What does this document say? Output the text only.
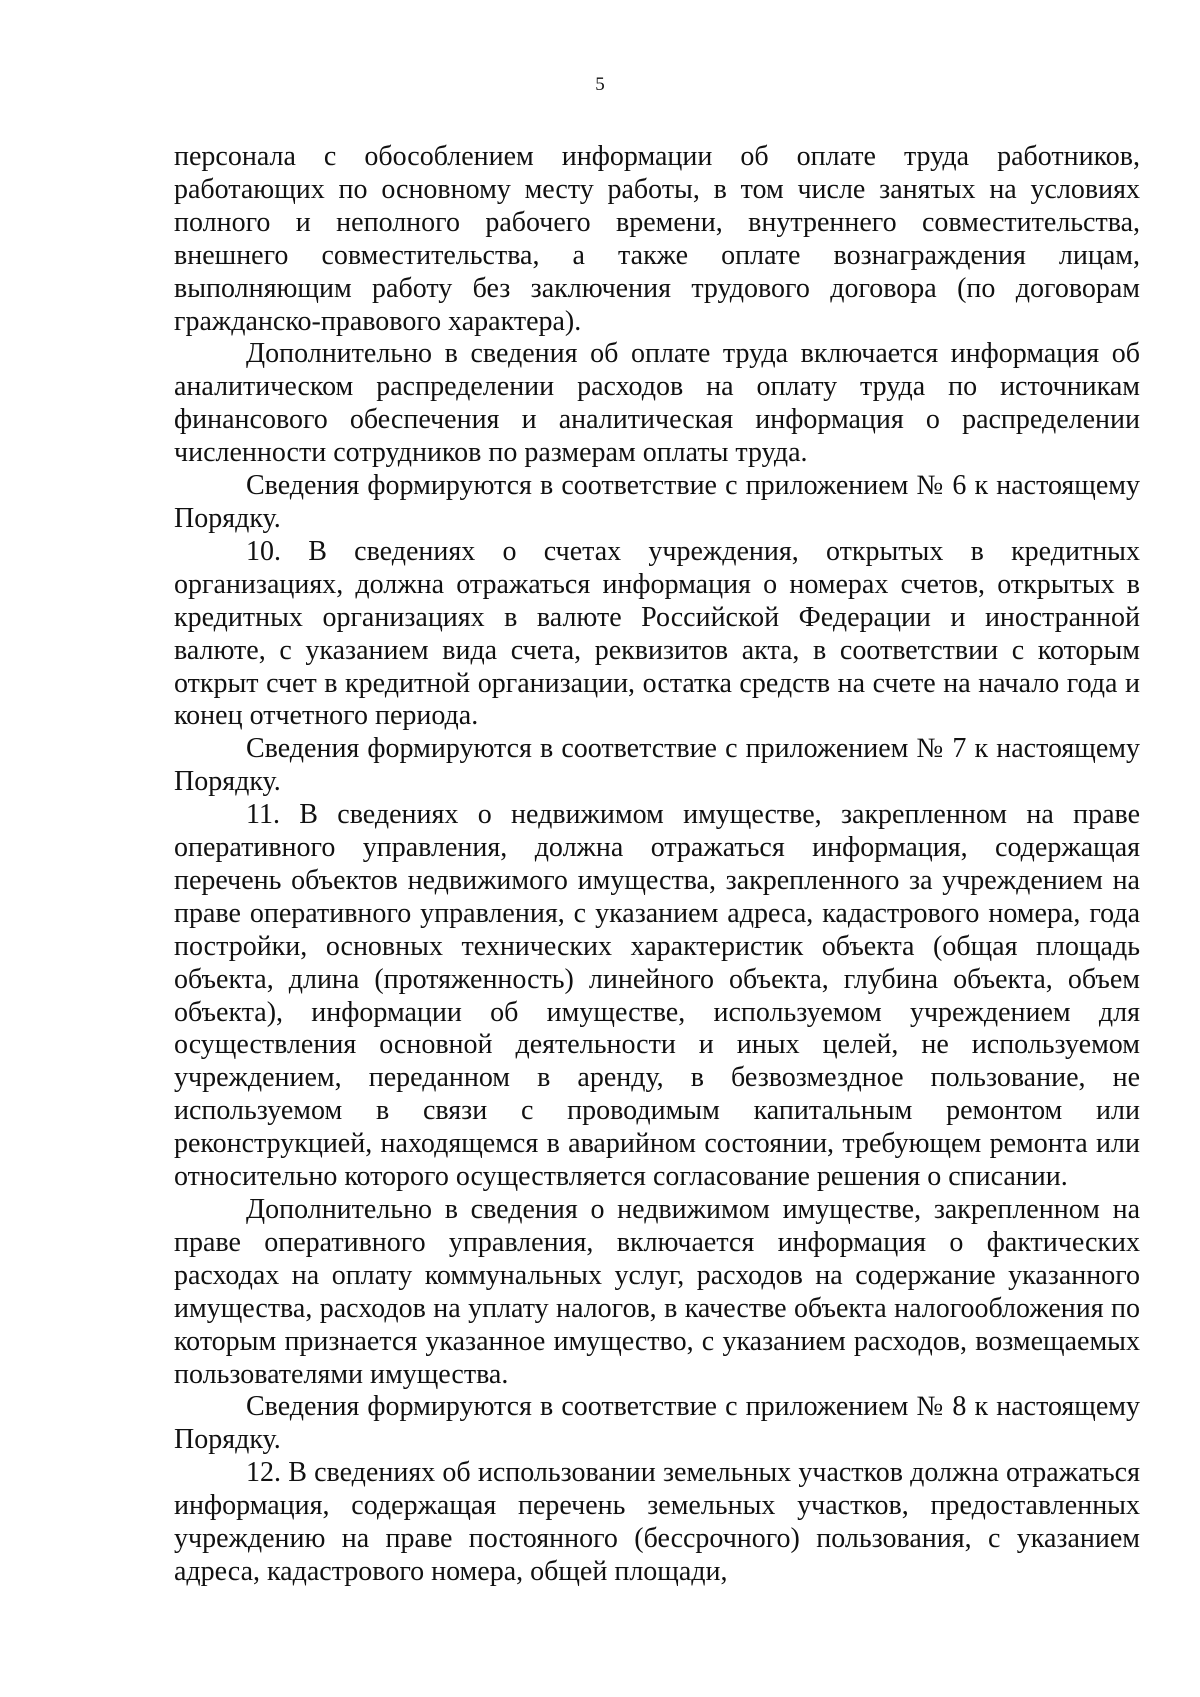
5

персонала с обособлением информации об оплате труда работников, работающих по основному месту работы, в том числе занятых на условиях полного и неполного рабочего времени, внутреннего совместительства, внешнего совместительства, а также оплате вознаграждения лицам, выполняющим работу без заключения трудового договора (по договорам гражданско-правового характера).

Дополнительно в сведения об оплате труда включается информация об аналитическом распределении расходов на оплату труда по источникам финансового обеспечения и аналитическая информация о распределении численности сотрудников по размерам оплаты труда.

Сведения формируются в соответствие с приложением № 6 к настоящему Порядку.

10. В сведениях о счетах учреждения, открытых в кредитных организациях, должна отражаться информация о номерах счетов, открытых в кредитных организациях в валюте Российской Федерации и иностранной валюте, с указанием вида счета, реквизитов акта, в соответствии с которым открыт счет в кредитной организации, остатка средств на счете на начало года и конец отчетного периода.

Сведения формируются в соответствие с приложением № 7 к настоящему Порядку.

11. В сведениях о недвижимом имуществе, закрепленном на праве оперативного управления, должна отражаться информация, содержащая перечень объектов недвижимого имущества, закрепленного за учреждением на праве оперативного управления, с указанием адреса, кадастрового номера, года постройки, основных технических характеристик объекта (общая площадь объекта, длина (протяженность) линейного объекта, глубина объекта, объем объекта), информации об имуществе, используемом учреждением для осуществления основной деятельности и иных целей, не используемом учреждением, переданном в аренду, в безвозмездное пользование, не используемом в связи с проводимым капитальным ремонтом или реконструкцией, находящемся в аварийном состоянии, требующем ремонта или относительно которого осуществляется согласование решения о списании.

Дополнительно в сведения о недвижимом имуществе, закрепленном на праве оперативного управления, включается информация о фактических расходах на оплату коммунальных услуг, расходов на содержание указанного имущества, расходов на уплату налогов, в качестве объекта налогообложения по которым признается указанное имущество, с указанием расходов, возмещаемых пользователями имущества.

Сведения формируются в соответствие с приложением № 8 к настоящему Порядку.

12. В сведениях об использовании земельных участков должна отражаться информация, содержащая перечень земельных участков, предоставленных учреждению на праве постоянного (бессрочного) пользования, с указанием адреса, кадастрового номера, общей площади,
